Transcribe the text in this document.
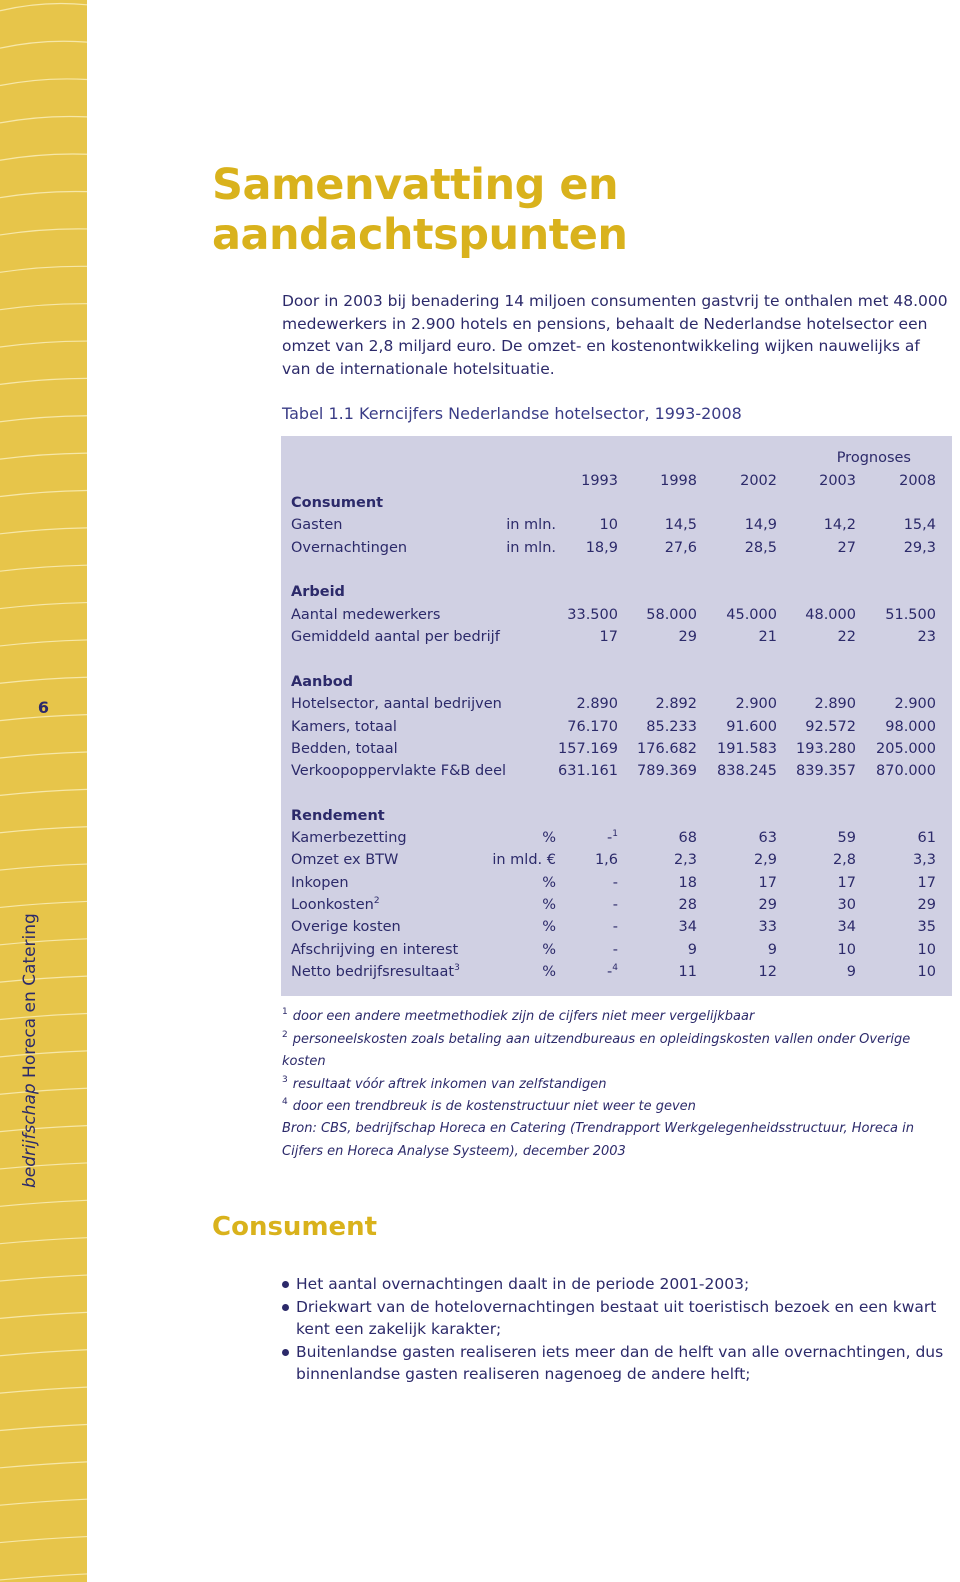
6
bedrijfschap Horeca en Catering
Samenvatting en aandachtspunten

Door in 2003 bij benadering 14 miljoen consumenten gastvrij te onthalen met 48.000 medewerkers in 2.900 hotels en pensions, behaalt de Nederlandse hotelsector een omzet van 2,8 miljard euro. De omzet- en kostenontwikkeling wijken nauwelijks af van de internationale hotelsituatie.

Tabel 1.1 Kerncijfers Nederlandse hotelsector, 1993-2008

Prognoses
1993	1998	2002	2003	2008
Consument
Gasten	in mln.	10	14,5	14,9	14,2	15,4
Overnachtingen	in mln. 18,9	27,6	28,5	27	29,3
Arbeid
Aantal medewerkers	33.500 58.000 45.000 48.000 51.500
Gemiddeld aantal per bedrijf	17	29	21	22	23
Aanbod
Hotelsector, aantal bedrijven	2.890	2.892	2.900	2.890	2.900
Kamers, totaal	76.170 85.233 91.600 92.572 98.000
Bedden, totaal	157.169 176.682 191.583 193.280 205.000
Verkoopoppervlakte F&B deel	631.161 789.369 838.245 839.357 870.000
Rendement
Kamerbezetting	%	-$^1$	68	63	59	61
Omzet ex BTW	in mld. €	1,6	2,3	2,9	2,8	3,3
Inkopen	%	-	18	17	17	17
Loonkosten$^2$	%	-	28	29	30	29
Overige kosten	%	-	34	33	34	35
Afschrijving en interest	%	-	9	9	10	10
Netto bedrijfsresultaat$^3$	%	-$^4$	11	12	9	10
$^1$ door een andere meetmethodiek zijn de cijfers niet meer vergelijkbaar
$^2$ personeelskosten zoals betaling aan uitzendbureaus en opleidingskosten vallen onder Overige kosten
$^3$ resultaat vóór aftrek inkomen van zelfstandigen
$^4$ door een trendbreuk is de kostenstructuur niet weer te geven

Bron: CBS, bedrijfschap Horeca en Catering (Trendrapport Werkgelegenheidsstructuur, Horeca in Cijfers en Horeca Analyse Systeem), december 2003

Consument
Het aantal overnachtingen daalt in de periode 2001-2003;
Driekwart van de hotelovernachtingen bestaat uit toeristisch bezoek en een kwart kent een zakelijk karakter;
Buitenlandse gasten realiseren iets meer dan de helft van alle overnachtingen, dus binnenlandse gasten realiseren nagenoeg de andere helft;
